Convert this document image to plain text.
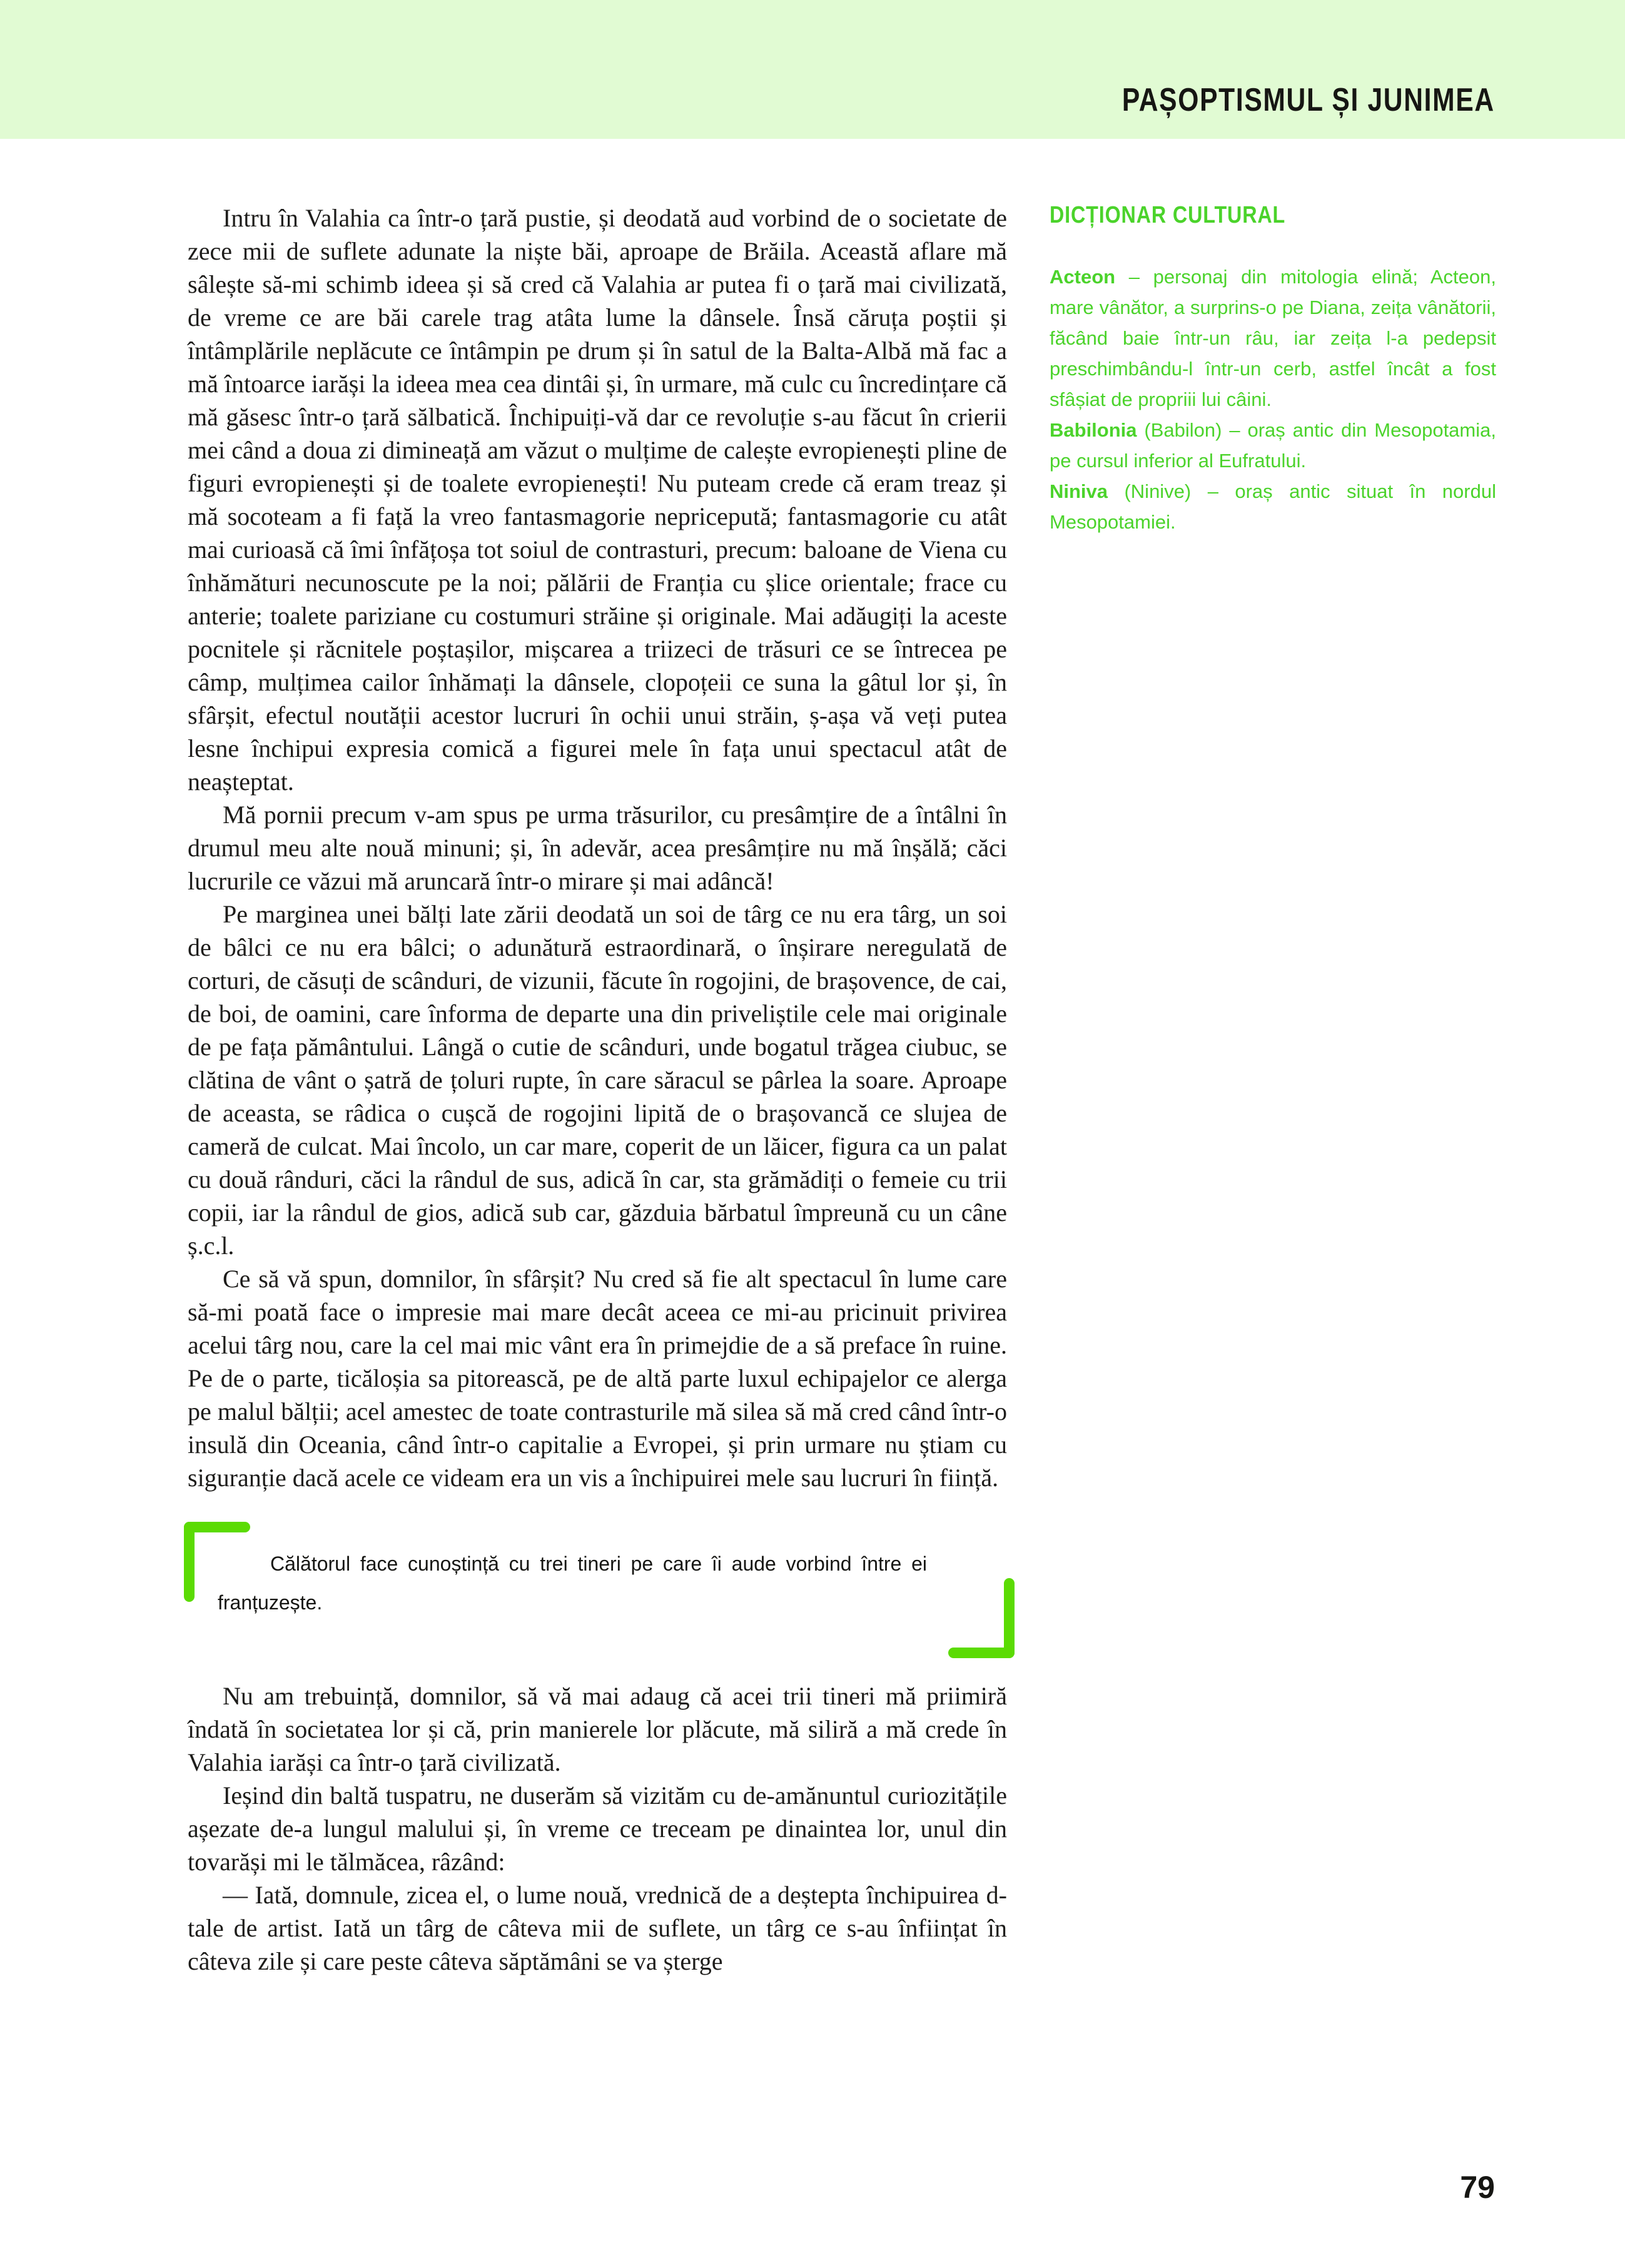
PAȘOPTISMUL ȘI JUNIMEA

Intru în Valahia ca într-o țară pustie, și deodată aud vorbind de o societate de zece mii de suflete adunate la niște băi, aproape de Brăila. Această aflare mă sâlește să-mi schimb ideea și să cred că Valahia ar putea fi o țară mai civilizată, de vreme ce are băi carele trag atâta lume la dânsele. Însă căruța poștii și întâmplările neplăcute ce întâmpin pe drum și în satul de la Balta-Albă mă fac a mă întoarce iarăși la ideea mea cea dintâi și, în urmare, mă culc cu încredințare că mă găsesc într-o țară sălbatică. Închipuiți-vă dar ce revoluție s-au făcut în crierii mei când a doua zi dimineață am văzut o mulțime de calește evropienești pline de figuri evropienești și de toalete evropienești! Nu puteam crede că eram treaz și mă socoteam a fi față la vreo fantasmagorie nepricepută; fantasmagorie cu atât mai curioasă că îmi înfățoșa tot soiul de contrasturi, precum: baloane de Viena cu înhămături necunoscute pe la noi; pălării de Franția cu șlice orientale; frace cu anterie; toalete pariziane cu costumuri străine și originale. Mai adăugiți la aceste pocnitele și răcnitele poștașilor, mișcarea a triizeci de trăsuri ce se întrecea pe câmp, mulțimea cailor înhămați la dânsele, clopoțeii ce suna la gâtul lor și, în sfârșit, efectul noutății acestor lucruri în ochii unui străin, ș-așa vă veți putea lesne închipui expresia comică a figurei mele în fața unui spectacul atât de neașteptat.

Mă pornii precum v-am spus pe urma trăsurilor, cu presâmțire de a întâlni în drumul meu alte nouă minuni; și, în adevăr, acea presâmțire nu mă înșălă; căci lucrurile ce văzui mă aruncară într-o mirare și mai adâncă!

Pe marginea unei bălți late zării deodată un soi de târg ce nu era târg, un soi de bâlci ce nu era bâlci; o adunătură estraordinară, o înșirare neregulată de corturi, de căsuți de scânduri, de vizunii, făcute în rogojini, de brașovence, de cai, de boi, de oamini, care înforma de departe una din priveliștile cele mai originale de pe fața pământului. Lângă o cutie de scânduri, unde bogatul trăgea ciubuc, se clătina de vânt o șatră de țoluri rupte, în care săracul se pârlea la soare. Aproape de aceasta, se râdica o cușcă de rogojini lipită de o brașovancă ce slujea de cameră de culcat. Mai încolo, un car mare, coperit de un lăicer, figura ca un palat cu două rânduri, căci la rândul de sus, adică în car, sta grămădiți o femeie cu trii copii, iar la rândul de gios, adică sub car, găzduia bărbatul împreună cu un câne ș.c.l.

Ce să vă spun, domnilor, în sfârșit? Nu cred să fie alt spectacul în lume care să-mi poată face o impresie mai mare decât aceea ce mi-au pricinuit privirea acelui târg nou, care la cel mai mic vânt era în primejdie de a să preface în ruine. Pe de o parte, ticăloșia sa pitorească, pe de altă parte luxul echipajelor ce alerga pe malul bălții; acel amestec de toate contrasturile mă silea să mă cred când într-o insulă din Oceania, când într-o capitalie a Evropei, și prin urmare nu știam cu siguranție dacă acele ce videam era un vis a închipuirei mele sau lucruri în ființă.

Călătorul face cunoștință cu trei tineri pe care îi aude vorbind între ei franțuzește.

Nu am trebuință, domnilor, să vă mai adaug că acei trii tineri mă priimiră îndată în societatea lor și că, prin manierele lor plăcute, mă siliră a mă crede în Valahia iarăși ca într-o țară civilizată.

Ieșind din baltă tuspatru, ne duserăm să vizităm cu de-amănuntul curiozitățile așezate de-a lungul malului și, în vreme ce treceam pe dinaintea lor, unul din tovarăși mi le tălmăcea, râzând:

— Iată, domnule, zicea el, o lume nouă, vrednică de a deștepta închipuirea d-tale de artist. Iată un târg de câteva mii de suflete, un târg ce s-au înființat în câteva zile și care peste câteva săptămâni se va șterge

DICȚIONAR CULTURAL

Acteon – personaj din mitologia elină; Acteon, mare vânător, a surprins-o pe Diana, zeița vânătorii, făcând baie într-un râu, iar zeița l-a pedepsit preschimbându-l într-un cerb, astfel încât a fost sfâșiat de propriii lui câini.

Babilonia (Babilon) – oraș antic din Mesopotamia, pe cursul inferior al Eufratului.

Niniva (Ninive) – oraș antic situat în nordul Mesopotamiei.

79
